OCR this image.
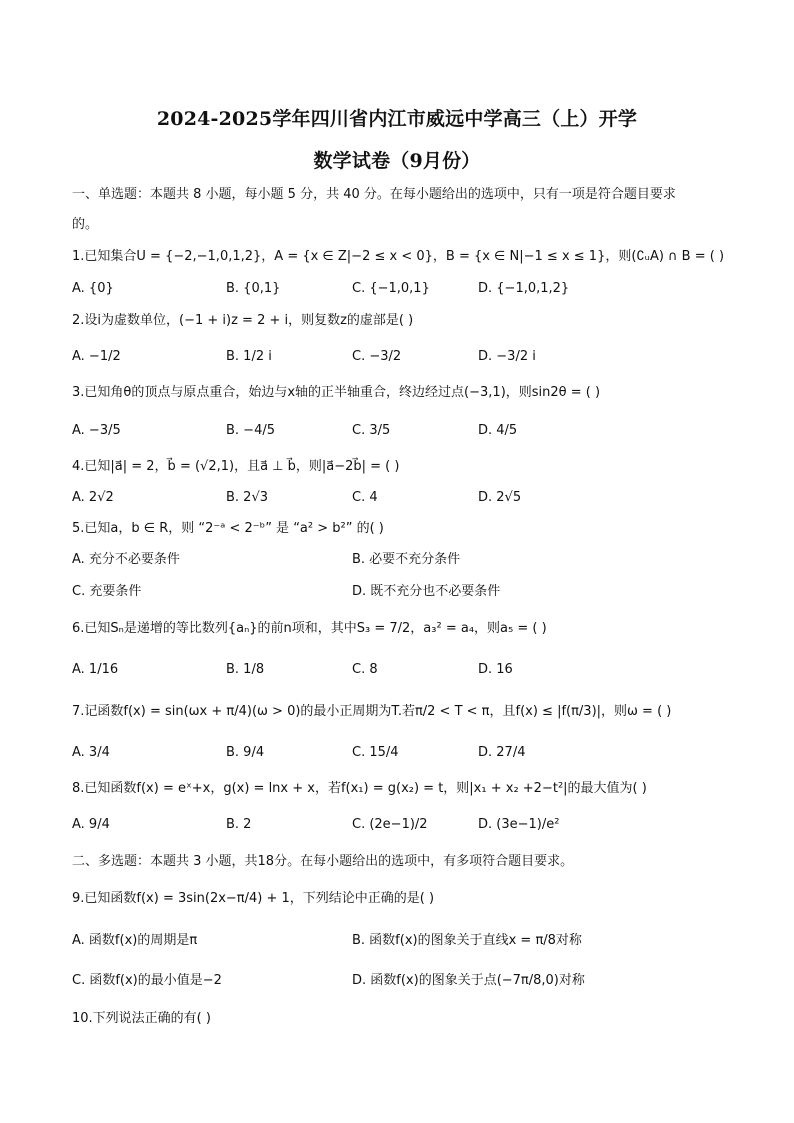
2024-2025学年四川省内江市威远中学高三（上）开学
数学试卷（9月份）
一、单选题：本题共 8 小题，每小题 5 分，共 40 分。在每小题给出的选项中，只有一项是符合题目要求
的。
1.已知集合U = {−2,−1,0,1,2}，A = {x ∈ Z|−2 ≤ x < 0}，B = {x ∈ N|−1 ≤ x ≤ 1}，则(∁ᵤA) ∩ B = ( )
A. {0}	B. {0,1}	C. {−1,0,1}	D. {−1,0,1,2}
2.设i为虚数单位，(−1 + i)z = 2 + i，则复数z的虚部是( )
A. −1/2	B. 1/2 i	C. −3/2	D. −3/2 i
3.已知角θ的顶点与原点重合，始边与x轴的正半轴重合，终边经过点(−3,1)，则sin2θ = ( )
A. −3/5	B. −4/5	C. 3/5	D. 4/5
4.已知|a⃗| = 2，b⃗ = (√2,1)，且a⃗ ⊥ b⃗，则|a⃗−2b⃗| = ( )
A. 2√2	B. 2√3	C. 4	D. 2√5
5.已知a，b ∈ R，则 “2⁻ᵃ < 2⁻ᵇ” 是 “a² > b²” 的( )
A. 充分不必要条件	B. 必要不充分条件
C. 充要条件	D. 既不充分也不必要条件
6.已知Sₙ是递增的等比数列{aₙ}的前n项和，其中S₃ = 7/2，a₃² = a₄，则a₅ = ( )
A. 1/16	B. 1/8	C. 8	D. 16
7.记函数f(x) = sin(ωx + π/4)(ω > 0)的最小正周期为T.若π/2 < T < π，且f(x) ≤ |f(π/3)|，则ω = ( )
A. 3/4	B. 9/4	C. 15/4	D. 27/4
8.已知函数f(x) = eˣ+x，g(x) = lnx + x，若f(x₁) = g(x₂) = t，则|x₁ + x₂ +2−t²|的最大值为( )
A. 9/4	B. 2	C. (2e−1)/2	D. (3e−1)/e²
二、多选题：本题共 3 小题，共18分。在每小题给出的选项中，有多项符合题目要求。
9.已知函数f(x) = 3sin(2x−π/4) + 1，下列结论中正确的是( )
A. 函数f(x)的周期是π	B. 函数f(x)的图象关于直线x = π/8对称
C. 函数f(x)的最小值是−2	D. 函数f(x)的图象关于点(−7π/8,0)对称
10.下列说法正确的有( )
